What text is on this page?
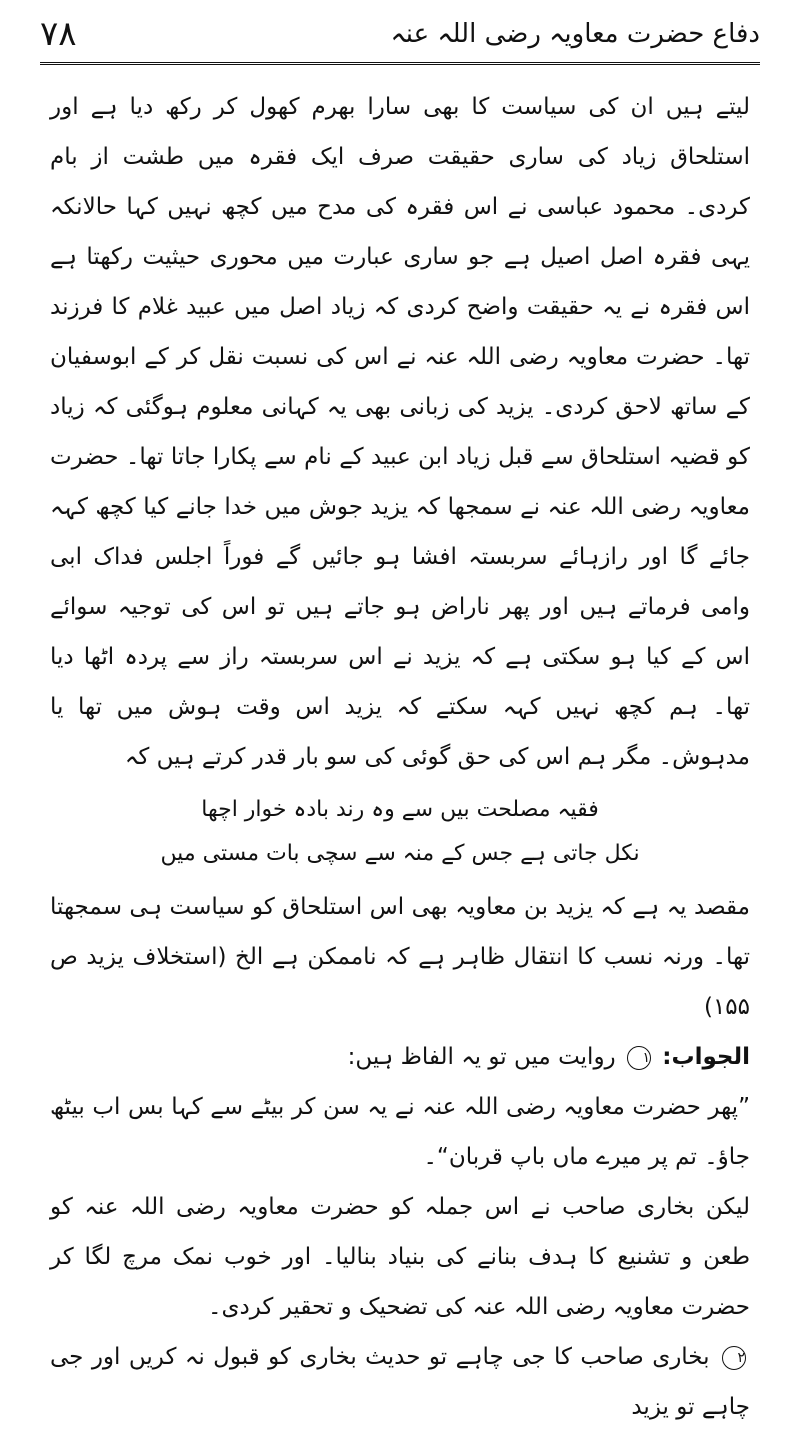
۷۸	دفاع حضرت معاویہ رضی اللہ عنہ

لیتے ہیں ان کی سیاست کا بھی سارا بھرم کھول کر رکھ دیا ہے اور استلحاق زیاد کی ساری حقیقت صرف ایک فقرہ میں طشت از بام کردی۔ محمود عباسی نے اس فقرہ کی مدح میں کچھ نہیں کہا حالانکہ یہی فقرہ اصل اصیل ہے جو ساری عبارت میں محوری حیثیت رکھتا ہے اس فقرہ نے یہ حقیقت واضح کردی کہ زیاد اصل میں عبید غلام کا فرزند تھا۔ حضرت معاویہ رضی اللہ عنہ نے اس کی نسبت نقل کر کے ابوسفیان کے ساتھ لاحق کردی۔ یزید کی زبانی بھی یہ کہانی معلوم ہوگئی کہ زیاد کو قضیہ استلحاق سے قبل زیاد ابن عبید کے نام سے پکارا جاتا تھا۔ حضرت معاویہ رضی اللہ عنہ نے سمجھا کہ یزید جوش میں خدا جانے کیا کچھ کہہ جائے گا اور رازہائے سربستہ افشا ہو جائیں گے فوراً اجلس فداک ابی وامی فرماتے ہیں اور پھر ناراض ہو جاتے ہیں تو اس کی توجیہ سوائے اس کے کیا ہو سکتی ہے کہ یزید نے اس سربستہ راز سے پردہ اٹھا دیا تھا۔ ہم کچھ نہیں کہہ سکتے کہ یزید اس وقت ہوش میں تھا یا مدہوش۔ مگر ہم اس کی حق گوئی کی سو بار قدر کرتے ہیں کہ

فقیہ مصلحت بیں سے وہ رند بادہ خوار اچھا
نکل جاتی ہے جس کے منہ سے سچی بات مستی میں

مقصد یہ ہے کہ یزید بن معاویہ بھی اس استلحاق کو سیاست ہی سمجھتا تھا۔ ورنہ نسب کا انتقال ظاہر ہے کہ ناممکن ہے الخ (استخلاف یزید ص ۱۵۵)

الجواب: ۱ روایت میں تو یہ الفاظ ہیں:

”پھر حضرت معاویہ رضی اللہ عنہ نے یہ سن کر بیٹے سے کہا بس اب بیٹھ جاؤ۔ تم پر میرے ماں باپ قربان“۔

لیکن بخاری صاحب نے اس جملہ کو حضرت معاویہ رضی اللہ عنہ کو طعن و تشنیع کا ہدف بنانے کی بنیاد بنالیا۔ اور خوب نمک مرچ لگا کر حضرت معاویہ رضی اللہ عنہ کی تضحیک و تحقیر کردی۔

۲ بخاری صاحب کا جی چاہے تو حدیث بخاری کو قبول نہ کریں اور جی چاہے تو یزید
